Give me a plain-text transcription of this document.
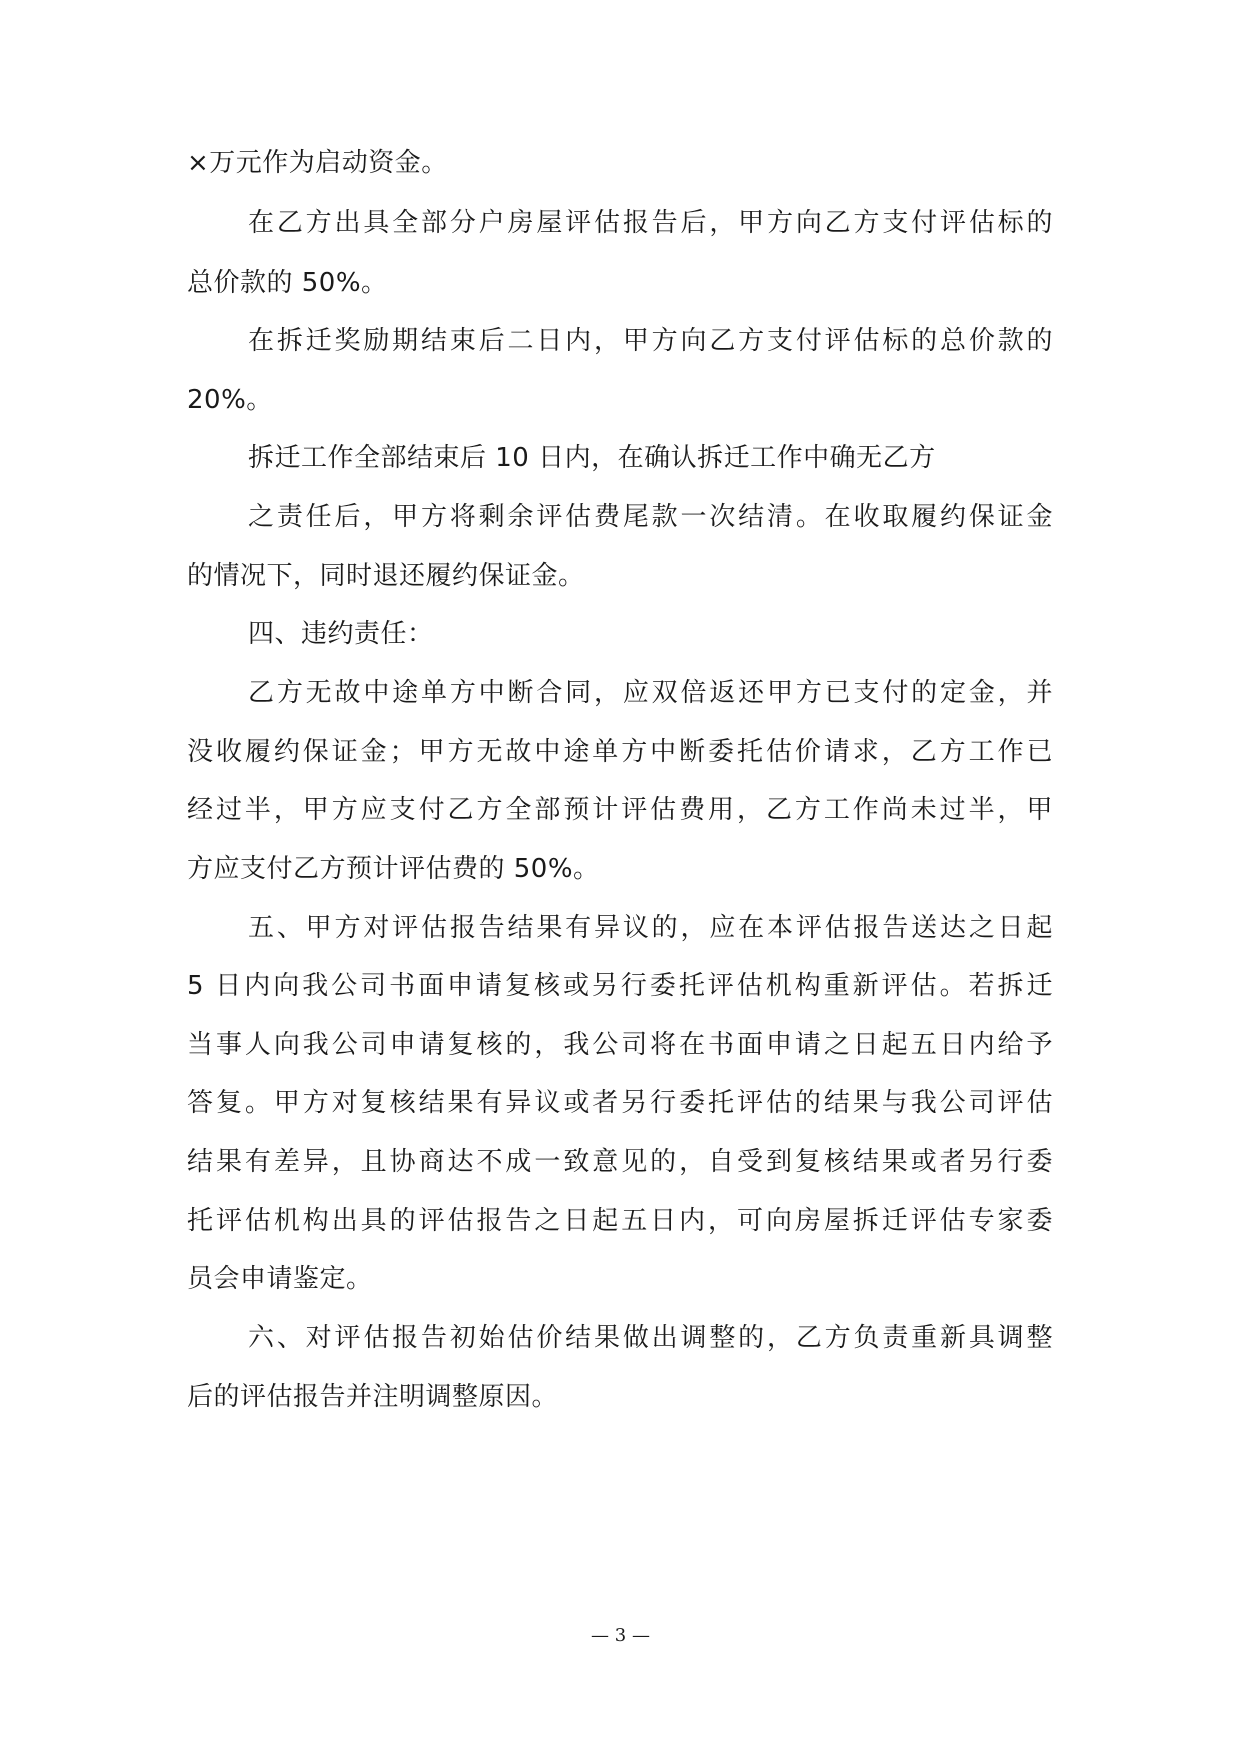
×万元作为启动资金。
在乙方出具全部分户房屋评估报告后，甲方向乙方支付评估标的
总价款的 50%。
在拆迁奖励期结束后二日内，甲方向乙方支付评估标的总价款的
20%。
拆迁工作全部结束后 10 日内，在确认拆迁工作中确无乙方
之责任后，甲方将剩余评估费尾款一次结清。在收取履约保证金
的情况下，同时退还履约保证金。
四、违约责任：
乙方无故中途单方中断合同，应双倍返还甲方已支付的定金，并
没收履约保证金；甲方无故中途单方中断委托估价请求，乙方工作已
经过半，甲方应支付乙方全部预计评估费用，乙方工作尚未过半，甲
方应支付乙方预计评估费的 50%。
五、甲方对评估报告结果有异议的，应在本评估报告送达之日起
5 日内向我公司书面申请复核或另行委托评估机构重新评估。若拆迁
当事人向我公司申请复核的，我公司将在书面申请之日起五日内给予
答复。甲方对复核结果有异议或者另行委托评估的结果与我公司评估
结果有差异，且协商达不成一致意见的，自受到复核结果或者另行委
托评估机构出具的评估报告之日起五日内，可向房屋拆迁评估专家委
员会申请鉴定。
六、对评估报告初始估价结果做出调整的，乙方负责重新具调整
后的评估报告并注明调整原因。
— 3 —
